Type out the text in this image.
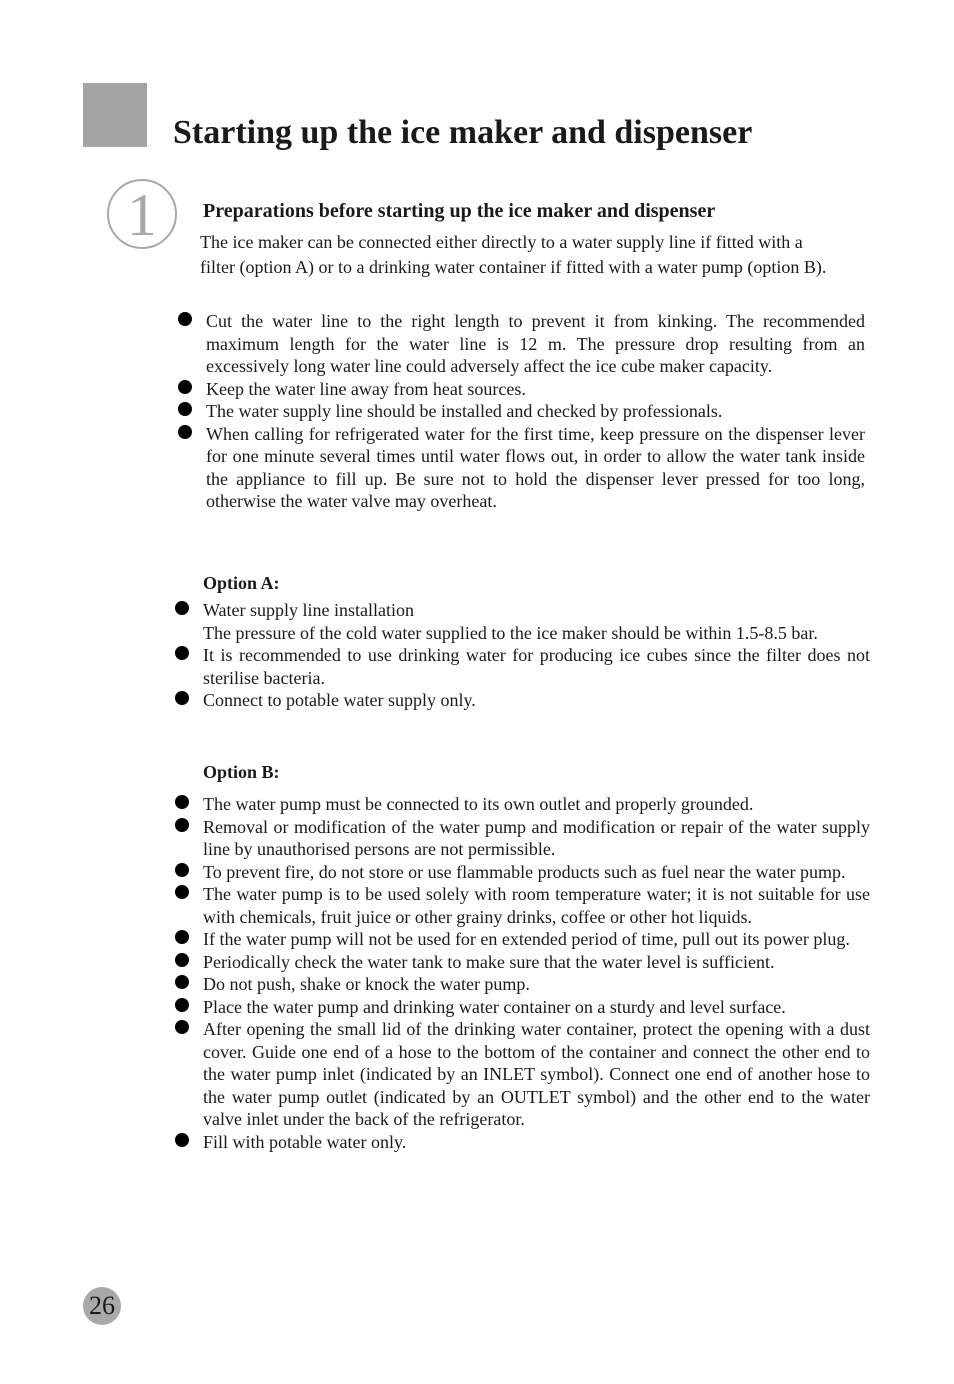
Starting up the ice maker and dispenser
1	Preparations before starting up the ice maker and dispenser

The ice maker can be connected either directly to a water supply line if fitted with a filter (option A) or to a drinking water container if fitted with a water pump (option B).

Cut the water line to the right length to prevent it from kinking. The recommended maximum length for the water line is 12 m. The pressure drop resulting from an excessively long water line could adversely affect the ice cube maker capacity.
Keep the water line away from heat sources.
The water supply line should be installed and checked by professionals.
When calling for refrigerated water for the first time, keep pressure on the dispenser lever for one minute several times until water flows out, in order to allow the water tank inside the appliance to fill up. Be sure not to hold the dispenser lever pressed for too long, otherwise the water valve may overheat.
Option A:
Water supply line installation
The pressure of the cold water supplied to the ice maker should be within 1.5-8.5 bar.
It is recommended to use drinking water for producing ice cubes since the filter does not sterilise bacteria.
Connect to potable water supply only.
Option B:
The water pump must be connected to its own outlet and properly grounded.
Removal or modification of the water pump and modification or repair of the water supply line by unauthorised persons are not permissible.
To prevent fire, do not store or use flammable products such as fuel near the water pump.
The water pump is to be used solely with room temperature water; it is not suitable for use with chemicals, fruit juice or other grainy drinks, coffee or other hot liquids.
If the water pump will not be used for en extended period of time, pull out its power plug.
Periodically check the water tank to make sure that the water level is sufficient.
Do not push, shake or knock the water pump.
Place the water pump and drinking water container on a sturdy and level surface.
After opening the small lid of the drinking water container, protect the opening with a dust cover. Guide one end of a hose to the bottom of the container and connect the other end to the water pump inlet (indicated by an INLET symbol). Connect one end of another hose to the water pump outlet (indicated by an OUTLET symbol) and the other end to the water valve inlet under the back of the refrigerator.
Fill with potable water only.
26
